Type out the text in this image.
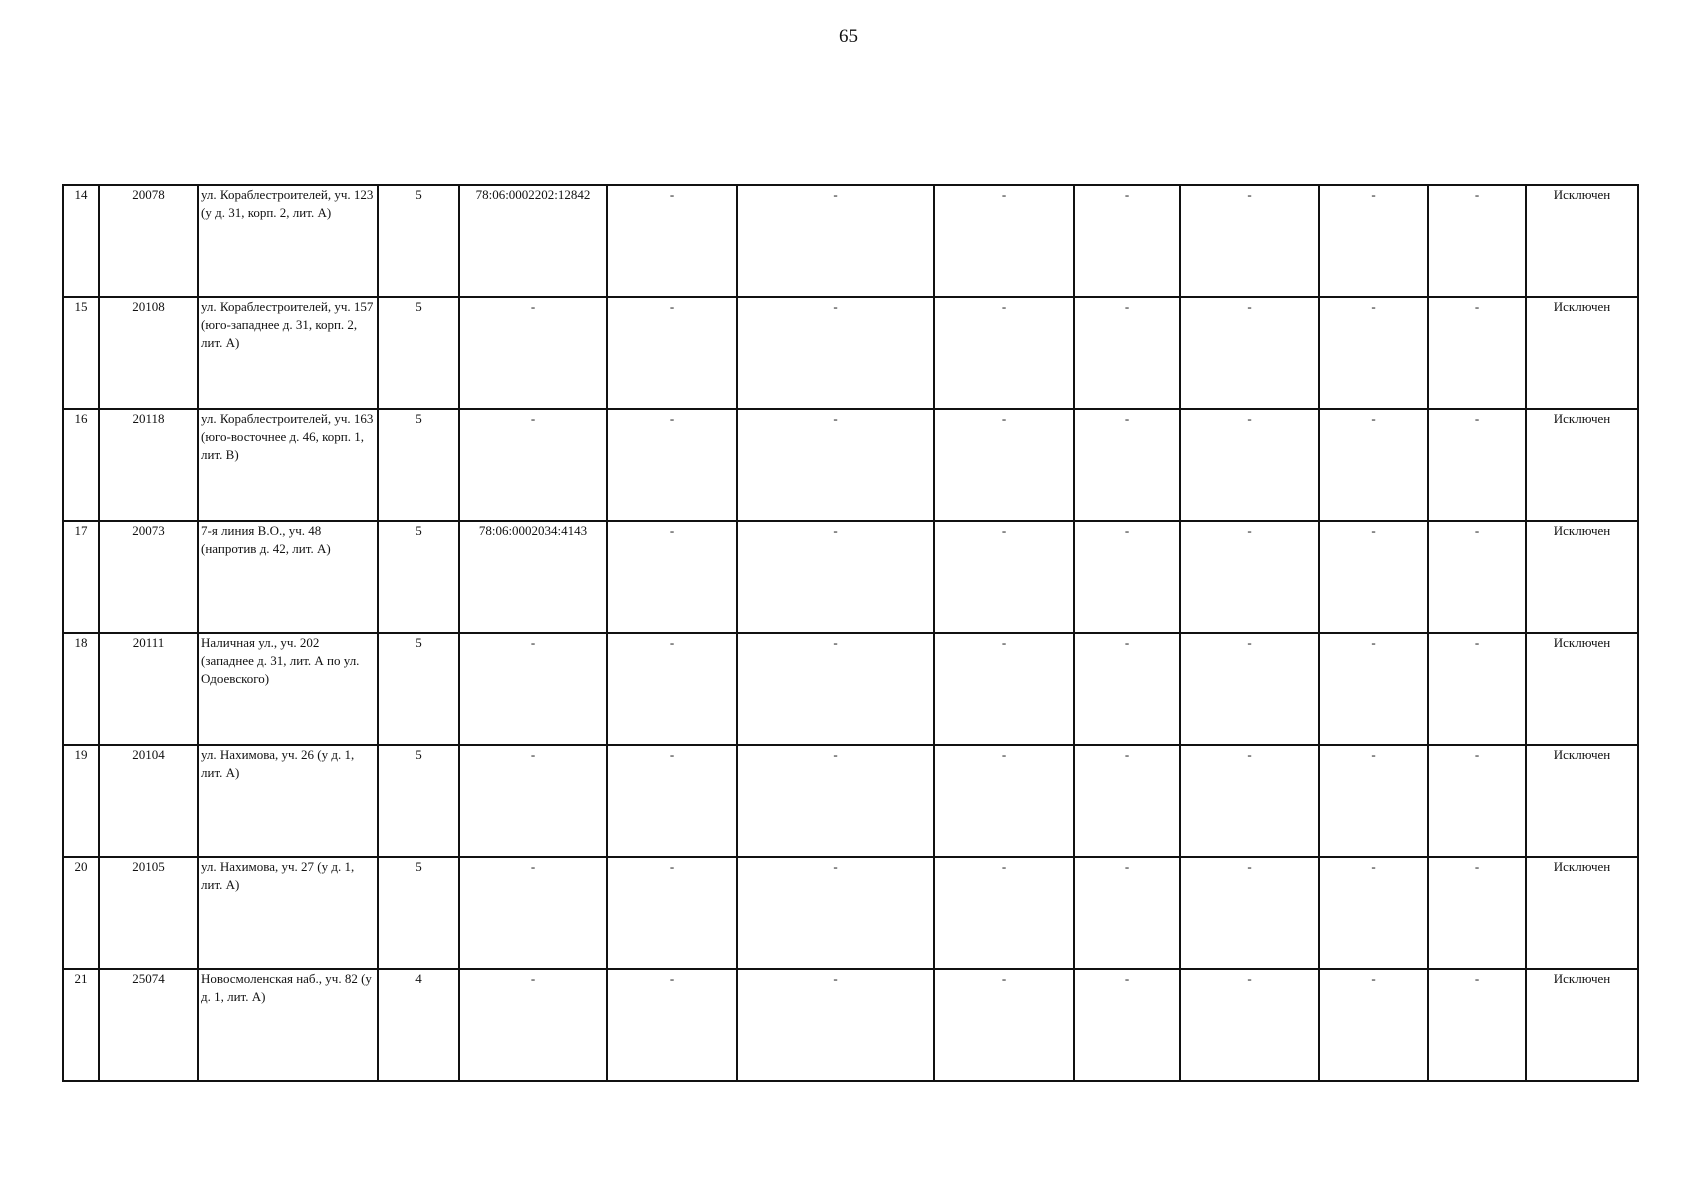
65
14	20078	ул. Кораблестроителей, уч. 123 (у д. 31, корп. 2, лит. А)	5	78:06:0002202:12842	-	-	-	-	-	-	-	Исключен
15	20108	ул. Кораблестроителей, уч. 157 (юго-западнее д. 31, корп. 2, лит. А)	5	-	-	-	-	-	-	-	-	Исключен
16	20118	ул. Кораблестроителей, уч. 163 (юго-восточнее д. 46, корп. 1, лит. В)	5	-	-	-	-	-	-	-	-	Исключен
17	20073	7-я линия В.О., уч. 48 (напротив д. 42, лит. А)	5	78:06:0002034:4143	-	-	-	-	-	-	-	Исключен
18	20111	Наличная ул., уч. 202 (западнее д. 31, лит. А по ул. Одоевского)	5	-	-	-	-	-	-	-	-	Исключен
19	20104	ул. Нахимова, уч. 26 (у д. 1, лит. А)	5	-	-	-	-	-	-	-	-	Исключен
20	20105	ул. Нахимова, уч. 27 (у д. 1, лит. А)	5	-	-	-	-	-	-	-	-	Исключен
21	25074	Новосмоленская наб., уч. 82 (у д. 1, лит. А)	4	-	-	-	-	-	-	-	-	Исключен
